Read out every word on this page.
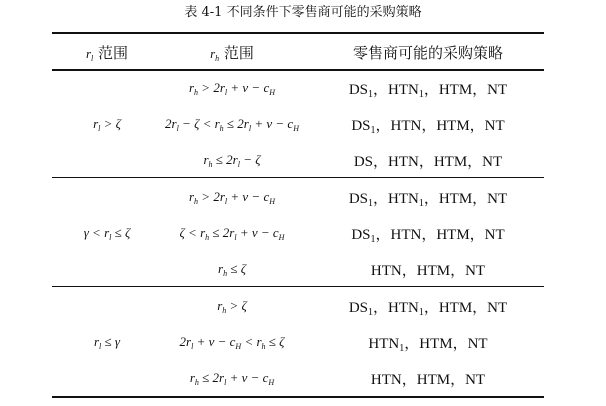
表 4-1 不同条件下零售商可能的采购策略
$r_l$ 范围	$r_h$ 范围	零售商可能的采购策略
$r_l > \zeta$
$r_h > 2r_l + v - c_H$	$DS_1$，$HTN_1$，HTM，NT
$2r_l - \zeta < r_h \le 2r_l + v - c_H$	$DS_1$，HTN，HTM，NT
$r_h \le 2r_l - \zeta$	DS，HTN，HTM，NT
$\gamma < r_l \le \zeta$
$r_h > 2r_l + v - c_H$	$DS_1$，$HTN_1$，HTM，NT
$\zeta < r_h \le 2r_l + v - c_H$	$DS_1$，HTN，HTM，NT
$r_h \le \zeta$	HTN，HTM，NT
$r_l \le \gamma$
$r_h > \zeta$	$DS_1$，$HTN_1$，HTM，NT
$2r_l + v - c_H < r_h \le \zeta$	$HTN_1$，HTM，NT
$r_h \le 2r_l + v - c_H$	HTN，HTM，NT
